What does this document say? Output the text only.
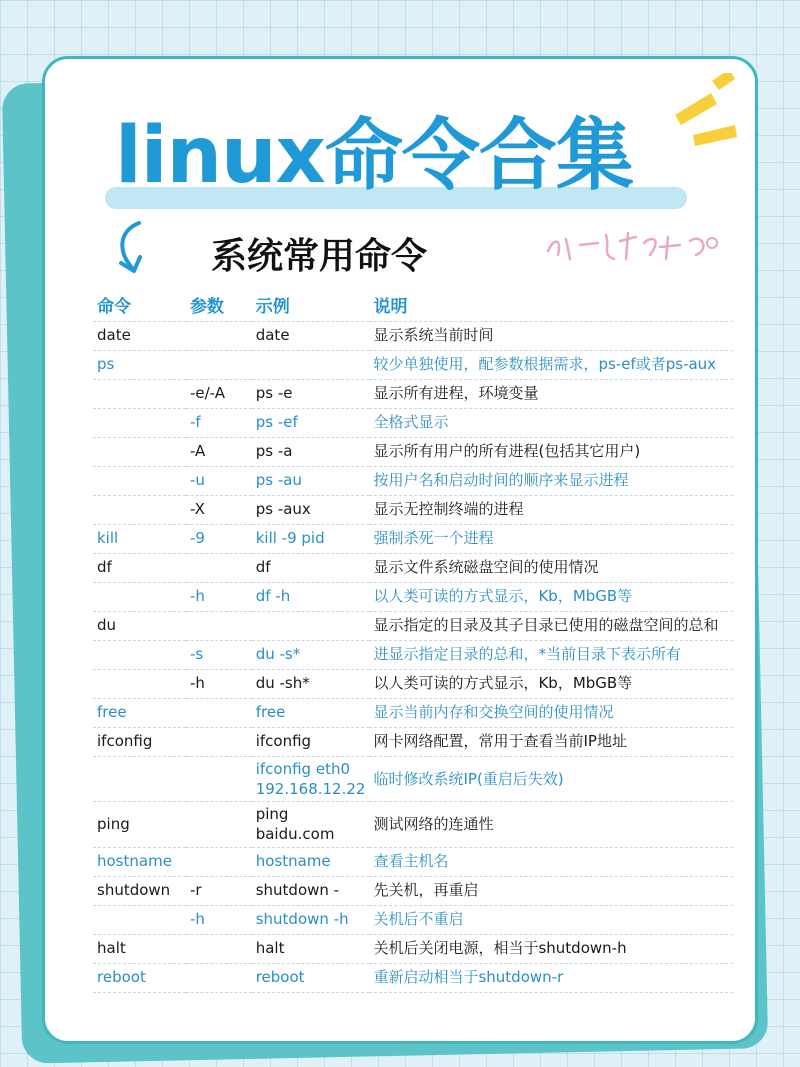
linux命令合集
系统常用命令
命令	参数	示例	说明
date		date	显示系统当前时间
ps			较少单独使用，配参数根据需求，ps-ef或者ps-aux
	-e/-A	ps -e	显示所有进程，环境变量
	-f	ps -ef	全格式显示
	-A	ps -a	显示所有用户的所有进程(包括其它用户)
	-u	ps -au	按用户名和启动时间的顺序来显示进程
	-X	ps -aux	显示无控制终端的进程
kill	-9	kill -9 pid	强制杀死一个进程
df		df	显示文件系统磁盘空间的使用情况
	-h	df -h	以人类可读的方式显示，Kb，MbGB等
du			显示指定的目录及其子目录已使用的磁盘空间的总和
	-s	du -s*	进显示指定目录的总和，*当前目录下表示所有
	-h	du -sh*	以人类可读的方式显示，Kb，MbGB等
free		free	显示当前内存和交换空间的使用情况
ifconfig		ifconfig	网卡网络配置，常用于查看当前IP地址
		ifconfig eth0 192.168.12.22	临时修改系统IP(重启后失效)
ping		ping baidu.com	测试网络的连通性
hostname		hostname	查看主机名
shutdown	-r	shutdown -	先关机，再重启
	-h	shutdown -h	关机后不重启
halt		halt	关机后关闭电源，相当于shutdown-h
reboot		reboot	重新启动相当于shutdown-r
